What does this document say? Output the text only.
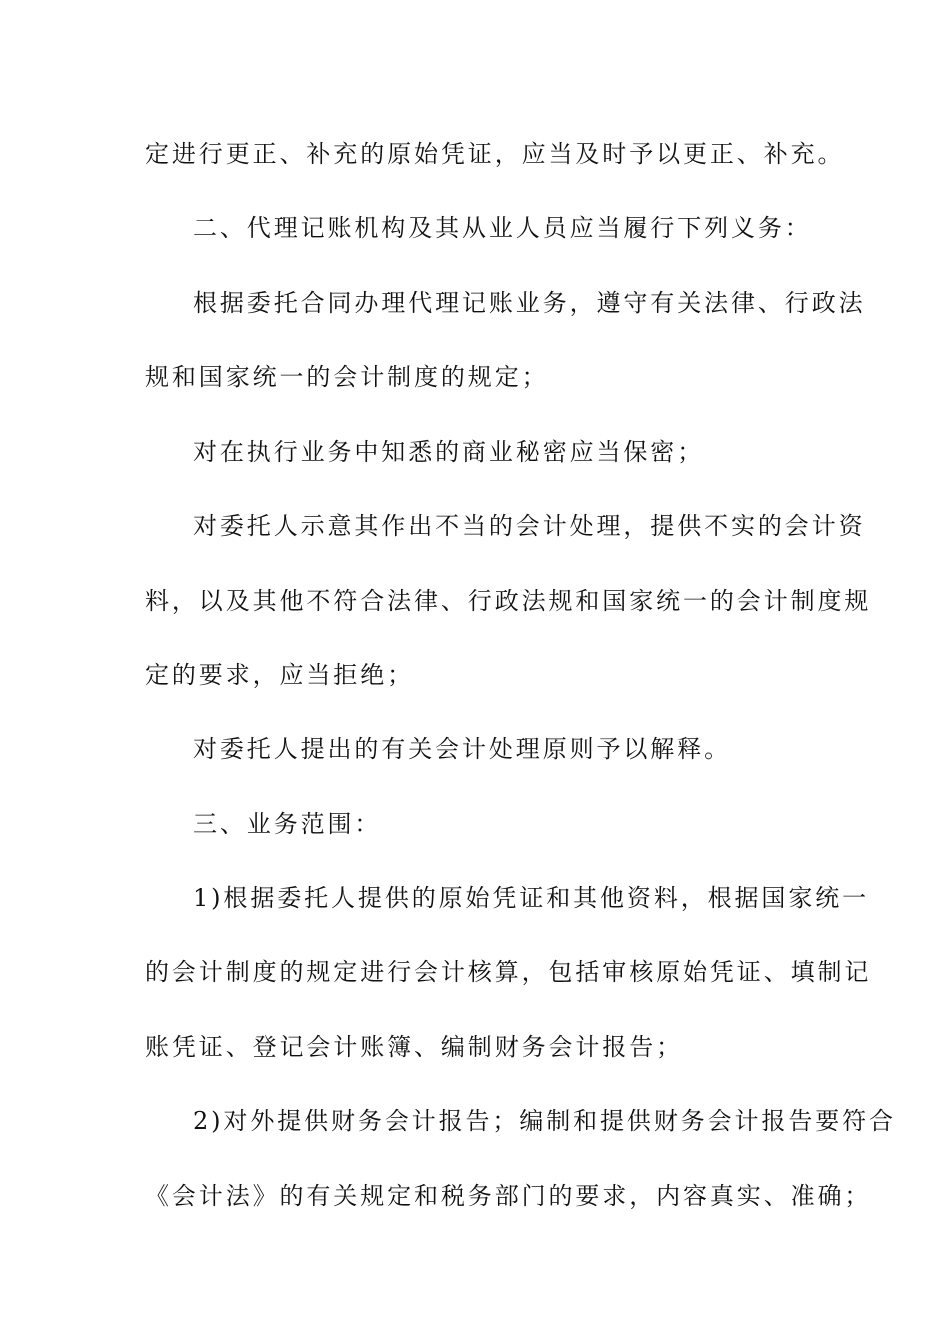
定进行更正、补充的原始凭证，应当及时予以更正、补充。
二、代理记账机构及其从业人员应当履行下列义务：
根据委托合同办理代理记账业务，遵守有关法律、行政法
规和国家统一的会计制度的规定；
对在执行业务中知悉的商业秘密应当保密；
对委托人示意其作出不当的会计处理，提供不实的会计资
料，以及其他不符合法律、行政法规和国家统一的会计制度规
定的要求，应当拒绝；
对委托人提出的有关会计处理原则予以解释。
三、业务范围：
1)根据委托人提供的原始凭证和其他资料，根据国家统一
的会计制度的规定进行会计核算，包括审核原始凭证、填制记
账凭证、登记会计账簿、编制财务会计报告；
2)对外提供财务会计报告；编制和提供财务会计报告要符合
《会计法》的有关规定和税务部门的要求，内容真实、准确；
